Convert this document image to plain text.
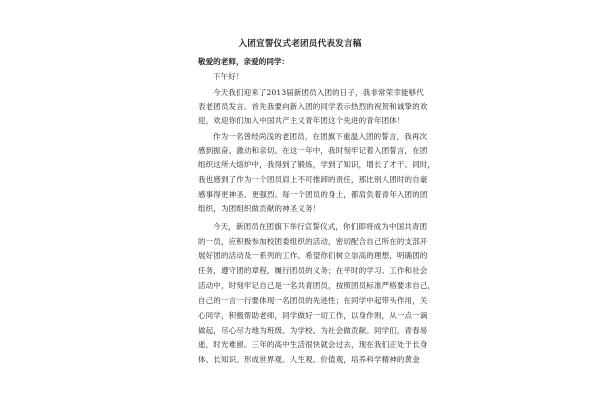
入团宣誓仪式老团员代表发言稿
敬爱的老师，亲爱的同学：
下午好！
今天我们迎来了2013届新团员入团的日子，我非常荣幸能够代
表老团员发言。首先我要向新入团的同学表示热烈的祝贺和诚挚的欢
迎，欢迎你们加入中国共产主义青年团这个先进的青年团体！
作为一名曾经尚浅的老团员，在团旗下重温入团的誓言，我再次
感到振奋、激动和亲切。在这一年中，我时刻牢记着入团誓言，在团
组织这所大熔炉中，我得到了锻炼，学到了知识，增长了才干。同时，
我也感到了作为一个团员肩上不可推卸的责任，那比别人团时的自豪
感事得更神圣、更强烈。每一个团员的身上，都肩负着青年入团的团
组织，为团组织做贡献的神圣义务！
今天，新团员在团旗下举行宣誓仪式，你们即将成为中国共青团
的一员，应积极参加校团委组织的活动，密切配合自己所在的支部开
展好团的活动及一系列的工作。希望你们树立崇高的理想，明确团的
任务，遵守团的章程，履行团员的义务；在平时的学习、工作和社会
活动中，时刻牢记自己是一名共青团员，按照团员标准严格要求自己，
自己的一言一行要体现一名团员的先进性；在同学中起带头作用，关
心同学，积极帮助老师，同学做好一切工作，以身作则，从一点一滴
做起，尽心尽力地为班级、为学校、为社会做贡献。同学们，青春易
逝，时光难留。三年的高中生活很快就会过去，现在我们正处于长身
体、长知识、形成世界观、人生观、价值观，培养科学精神的黄金
